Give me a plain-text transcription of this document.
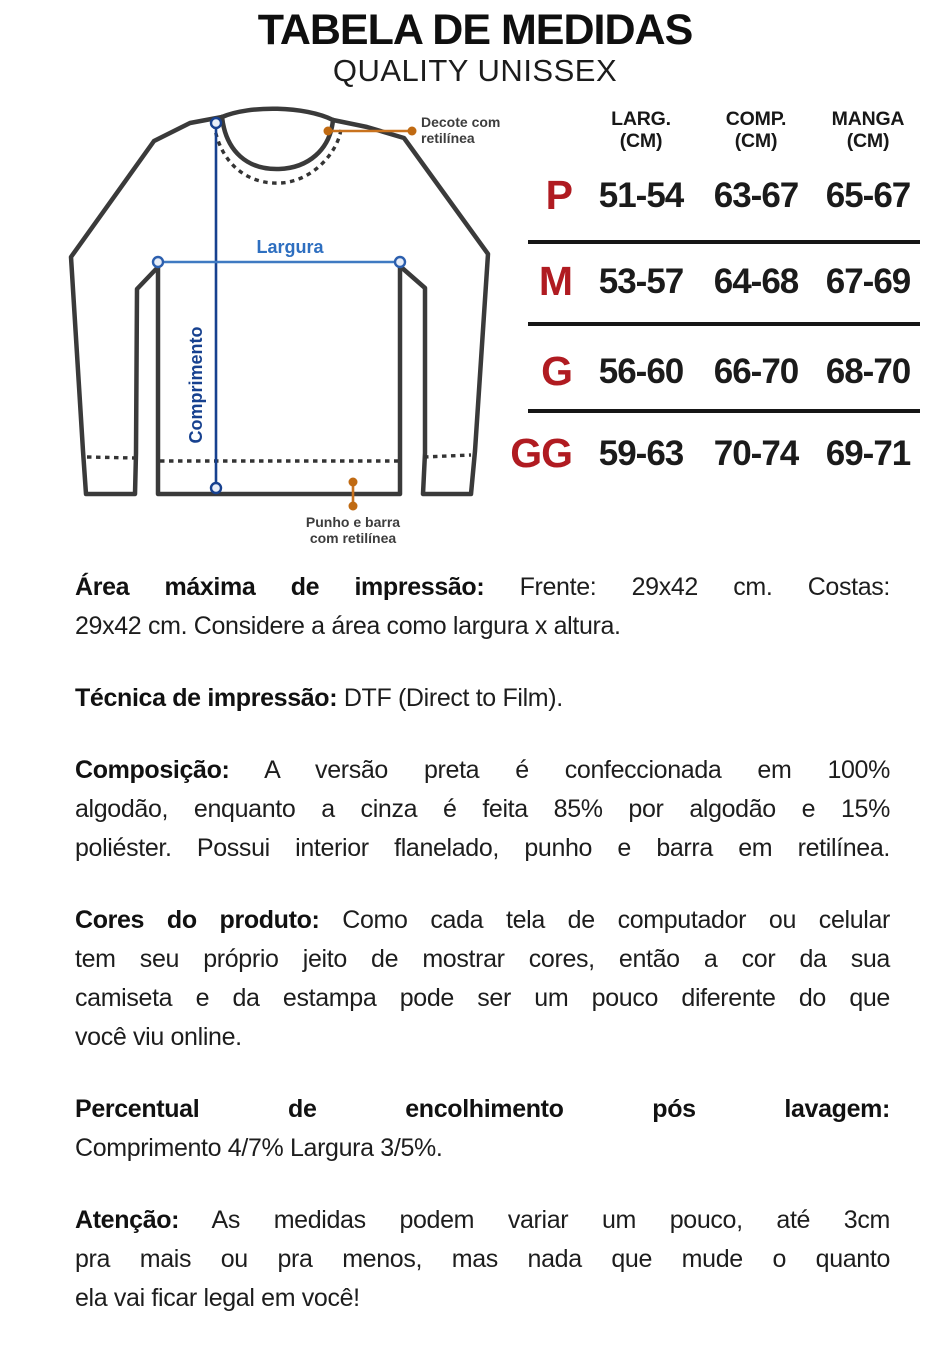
TABELA DE MEDIDAS
QUALITY UNISSEX
Comprimento
Largura
Decote com
retilínea
Punho e barra
com retilínea
LARG.
(CM)
COMP.
(CM)
MANGA
(CM)
P 51-54 63-67 65-67
M 53-57 64-68 67-69
G 56-60 66-70 68-70
GG 59-63 70-74 69-71
Área máxima de impressão: Frente: 29x42 cm. Costas:
29x42 cm. Considere a área como largura x altura.
Técnica de impressão: DTF (Direct to Film).
Composição: A versão preta é confeccionada em 100%
algodão, enquanto a cinza é feita 85% por algodão e 15%
poliéster. Possui interior flanelado, punho e barra em retilínea.
Cores do produto: Como cada tela de computador ou celular
tem seu próprio jeito de mostrar cores, então a cor da sua
camiseta e da estampa pode ser um pouco diferente do que
você viu online.
Percentual de encolhimento pós lavagem:
Comprimento 4/7% Largura 3/5%.
Atenção: As medidas podem variar um pouco, até 3cm
pra mais ou pra menos, mas nada que mude o quanto
ela vai ficar legal em você!
